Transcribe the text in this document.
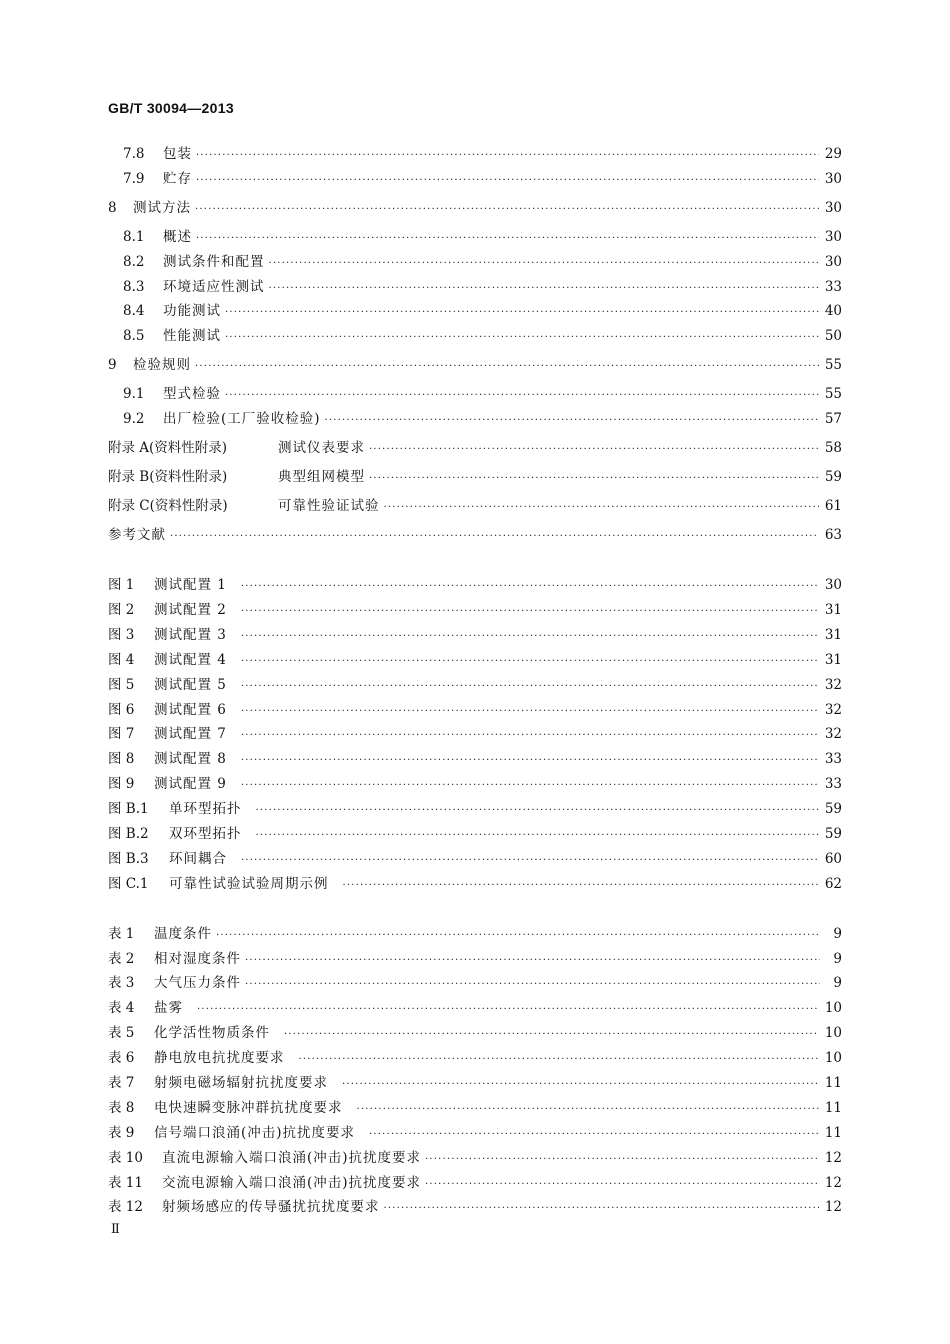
GB/T 30094—2013
7.8	包装 ·····	29
7.9	贮存 ·····	30
8	测试方法 ·····	30
8.1	概述 ·····	30
8.2	测试条件和配置 ·····	30
8.3	环境适应性测试 ·····	33
8.4	功能测试 ·····	40
8.5	性能测试 ·····	50
9	检验规则 ·····	55
9.1	型式检验 ·····	55
9.2	出厂检验(工厂验收检验) ·····	57
附录 A(资料性附录)	测试仪表要求 ·····	58
附录 B(资料性附录)	典型组网模型 ·····	59
附录 C(资料性附录)	可靠性验证试验 ·····	61
参考文献 ·····	63
图 1	测试配置 1 ·····	30
图 2	测试配置 2 ·····	31
图 3	测试配置 3 ·····	31
图 4	测试配置 4 ·····	31
图 5	测试配置 5 ·····	32
图 6	测试配置 6 ·····	32
图 7	测试配置 7 ·····	32
图 8	测试配置 8 ·····	33
图 9	测试配置 9 ·····	33
图 B.1	单环型拓扑 ·····	59
图 B.2	双环型拓扑 ·····	59
图 B.3	环间耦合 ·····	60
图 C.1	可靠性试验试验周期示例 ·····	62
表 1	温度条件 ·····	9
表 2	相对湿度条件 ·····	9
表 3	大气压力条件 ·····	9
表 4	盐雾 ·····	10
表 5	化学活性物质条件 ·····	10
表 6	静电放电抗扰度要求 ·····	10
表 7	射频电磁场辐射抗扰度要求 ·····	11
表 8	电快速瞬变脉冲群抗扰度要求 ·····	11
表 9	信号端口浪涌(冲击)抗扰度要求 ·····	11
表 10	直流电源输入端口浪涌(冲击)抗扰度要求 ·····	12
表 11	交流电源输入端口浪涌(冲击)抗扰度要求 ·····	12
表 12	射频场感应的传导骚扰抗扰度要求 ·····	12
Ⅱ
